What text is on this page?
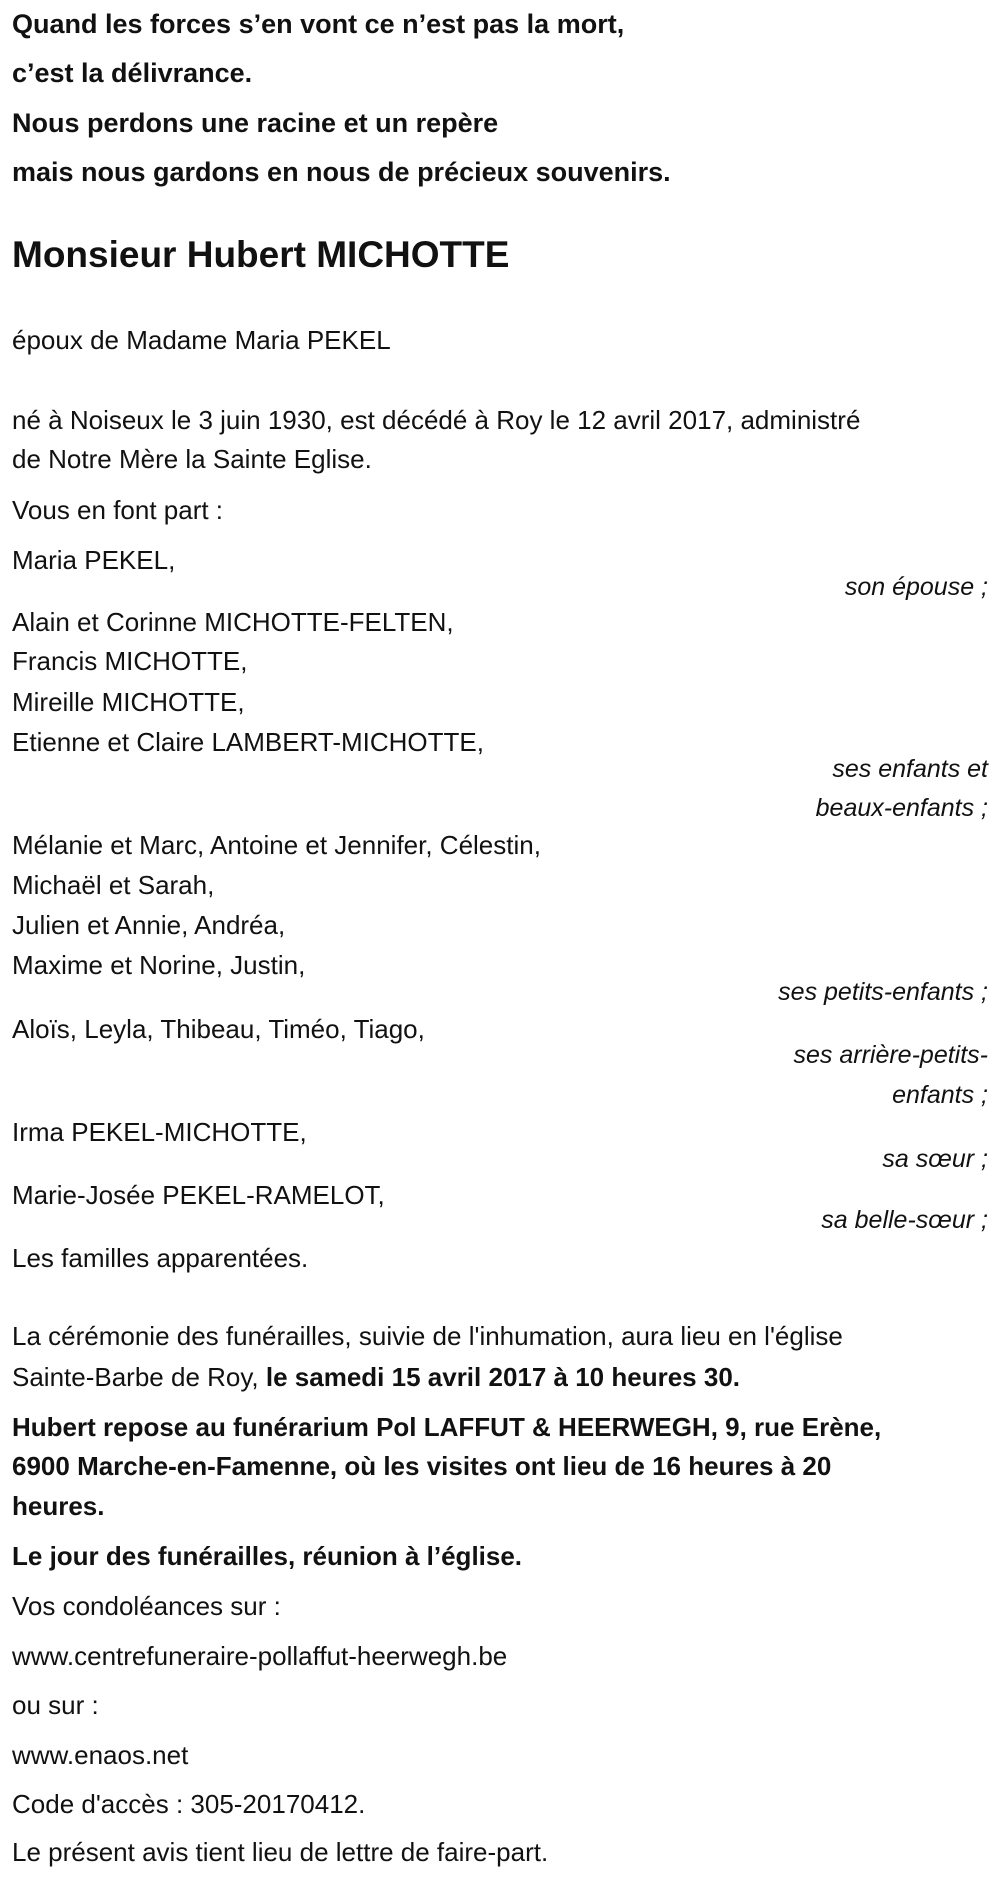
Quand les forces s’en vont ce n’est pas la mort,
c’est la délivrance.
Nous perdons une racine et un repère
mais nous gardons en nous de précieux souvenirs.
Monsieur Hubert MICHOTTE
époux de Madame Maria PEKEL
né à Noiseux le 3 juin 1930, est décédé à Roy le 12 avril 2017, administré
de Notre Mère la Sainte Eglise.
Vous en font part :
Maria PEKEL,
son épouse ;
Alain et Corinne MICHOTTE-FELTEN,
Francis MICHOTTE,
Mireille MICHOTTE,
Etienne et Claire LAMBERT-MICHOTTE,
ses enfants et
beaux-enfants ;
Mélanie et Marc, Antoine et Jennifer, Célestin,
Michaël et Sarah,
Julien et Annie, Andréa,
Maxime et Norine, Justin,
ses petits-enfants ;
Aloïs, Leyla, Thibeau, Timéo, Tiago,
ses arrière-petits-
enfants ;
Irma PEKEL-MICHOTTE,
sa sœur ;
Marie-Josée PEKEL-RAMELOT,
sa belle-sœur ;
Les familles apparentées.
La cérémonie des funérailles, suivie de l'inhumation, aura lieu en l'église
Sainte-Barbe de Roy, le samedi 15 avril 2017 à 10 heures 30.
Hubert repose au funérarium Pol LAFFUT & HEERWEGH, 9, rue Erène,
6900 Marche-en-Famenne, où les visites ont lieu de 16 heures à 20
heures.
Le jour des funérailles, réunion à l’église.
Vos condoléances sur :
www.centrefuneraire-pollaffut-heerwegh.be
ou sur :
www.enaos.net
Code d'accès : 305-20170412.
Le présent avis tient lieu de lettre de faire-part.
